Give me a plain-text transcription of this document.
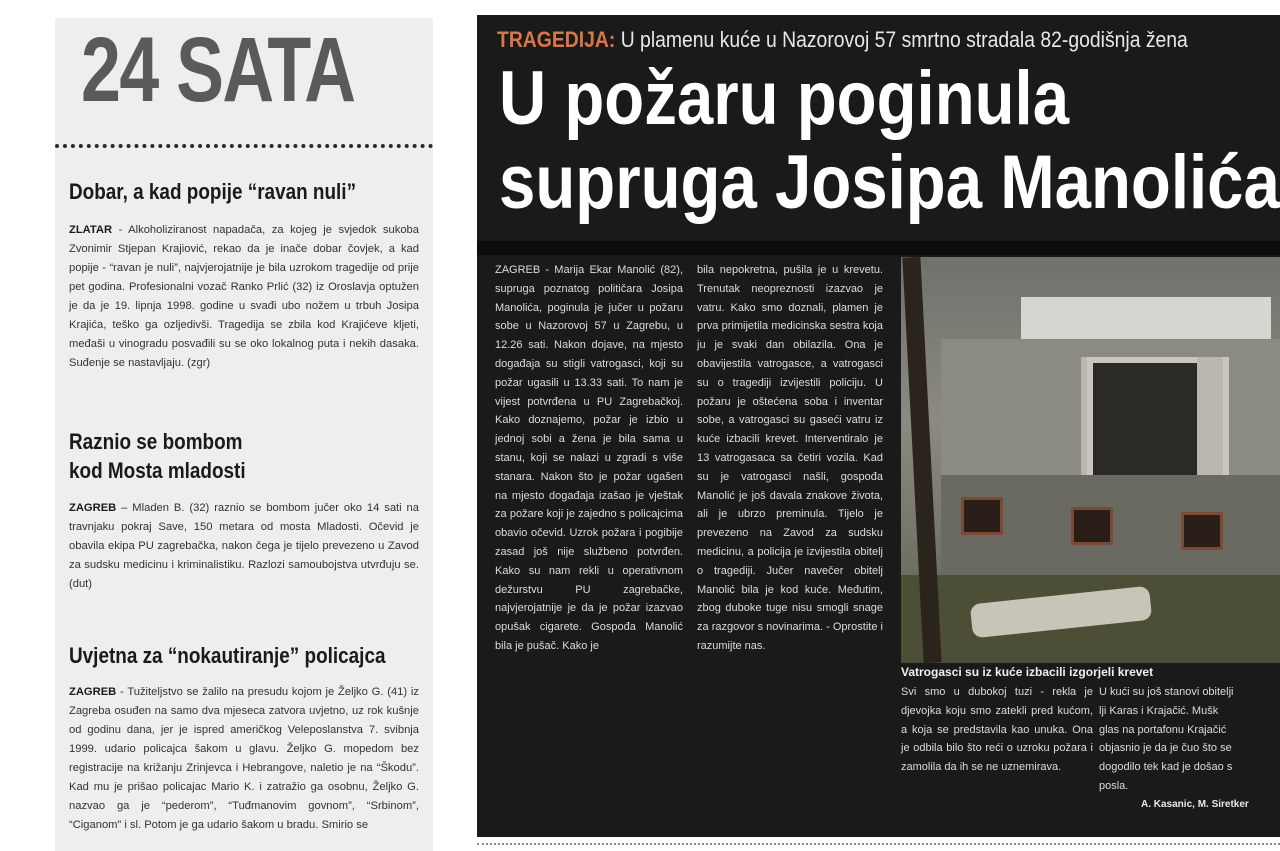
24 SATA
Dobar, a kad popije “ravan nuli”

ZLATAR - Alkoholiziranost napadača, za kojeg je svjedok sukoba Zvonimir Stjepan Krajiović, rekao da je inače dobar čovjek, a kad popije - “ravan je nuli”, najvjerojatnije je bila uzrokom tragedije od prije pet godina. Profesionalni vozač Ranko Prlić (32) iz Oroslavja optužen je da je 19. lipnja 1998. godine u svađi ubo nožem u trbuh Josipa Krajića, teško ga ozljedivši. Tragedija se zbila kod Krajićeve kljeti, međaši u vinogradu posvađili su se oko lokalnog puta i nekih dasaka. Suđenje se nastavljaju. (zgr)

Raznio se bombom
kod Mosta mladosti

ZAGREB – Mladen B. (32) raznio se bombom jučer oko 14 sati na travnjaku pokraj Save, 150 metara od mosta Mladosti. Očevid je obavila ekipa PU zagrebačka, nakon čega je tijelo prevezeno u Zavod za sudsku medicinu i kriminalistiku. Razlozi samoubojstva utvrđuju se. (dut)

Uvjetna za “nokautiranje” policajca

ZAGREB - Tužiteljstvo se žalilo na presudu kojom je Željko G. (41) iz Zagreba osuđen na samo dva mjeseca zatvora uvjetno, uz rok kušnje od godinu dana, jer je ispred američkog Veleposlanstva 7. svibnja 1999. udario policajca šakom u glavu. Željko G. mopedom bez registracije na križanju Zrinjevca i Hebrangove, naletio je na “Škodu”. Kad mu je prišao policajac Mario K. i zatražio ga osobnu, Željko G. nazvao ga je “pederom”, “Tuđmanovim govnom”, “Srbinom”, “Ciganom” i sl. Potom je ga udario šakom u bradu. Smirio se

TRAGEDIJA: U plamenu kuće u Nazorovoj 57 smrtno stradala 82-godišnja žena
U požaru poginula
supruga Josipa Manolića

ZAGREB - Marija Ekar Manolić (82), supruga poznatog političara Josipa Manolića, poginula je jučer u požaru sobe u Nazorovoj 57 u Zagrebu, u 12.26 sati. Nakon dojave, na mjesto događaja su stigli vatrogasci, koji su požar ugasili u 13.33 sati. To nam je vijest potvrđena u PU Zagrebačkoj. Kako doznajemo, požar je izbio u jednoj sobi a žena je bila sama u stanu, koji se nalazi u zgradi s više stanara. Nakon što je požar ugašen na mjesto događaja izašao je vještak za požare koji je zajedno s policajcima obavio očevid. Uzrok požara i pogibije zasad još nije službeno potvrđen. Kako su nam rekli u operativnom dežurstvu PU zagrebačke, najvjerojatnije je da je požar izazvao opušak cigarete. Gospođa Manolić bila je pušač. Kako je

bila nepokretna, pušila je u krevetu. Trenutak neopreznosti izazvao je vatru. Kako smo doznali, plamen je prva primijetila medicinska sestra koja ju je svaki dan obilazila. Ona je obavijestila vatrogasce, a vatrogasci su o tragediji izvijestili policiju. U požaru je oštećena soba i inventar sobe, a vatrogasci su gaseći vatru iz kuće izbacili krevet. Interventiralo je 13 vatrogasaca sa četiri vozila. Kad su je vatrogasci našli, gospođa Manolić je još davala znakove života, ali je ubrzo preminula. Tijelo je prevezeno na Zavod za sudsku medicinu, a policija je izvijestila obitelj o tragediji. Jučer navečer obitelj Manolić bila je kod kuće. Međutim, zbog duboke tuge nisu smogli snage za razgovor s novinarima. - Oprostite i razumijte nas.

Vatrogasci su iz kuće izbacili izgorjeli krevet
Svi smo u dubokoj tuzi - rekla je djevojka koju smo zatekli pred kućom, a koja se predstavila kao unuka. Ona je odbila bilo što reći o uzroku požara i zamolila da ih se ne uznemirava.
U kući su još stanovi obitelji
lji Karas i Krajačić. Mušk
glas na portafonu Krajačić
objasnio je da je čuo što se
dogodilo tek kad je došao s
posla.
A. Kasanic, M. Siretker
